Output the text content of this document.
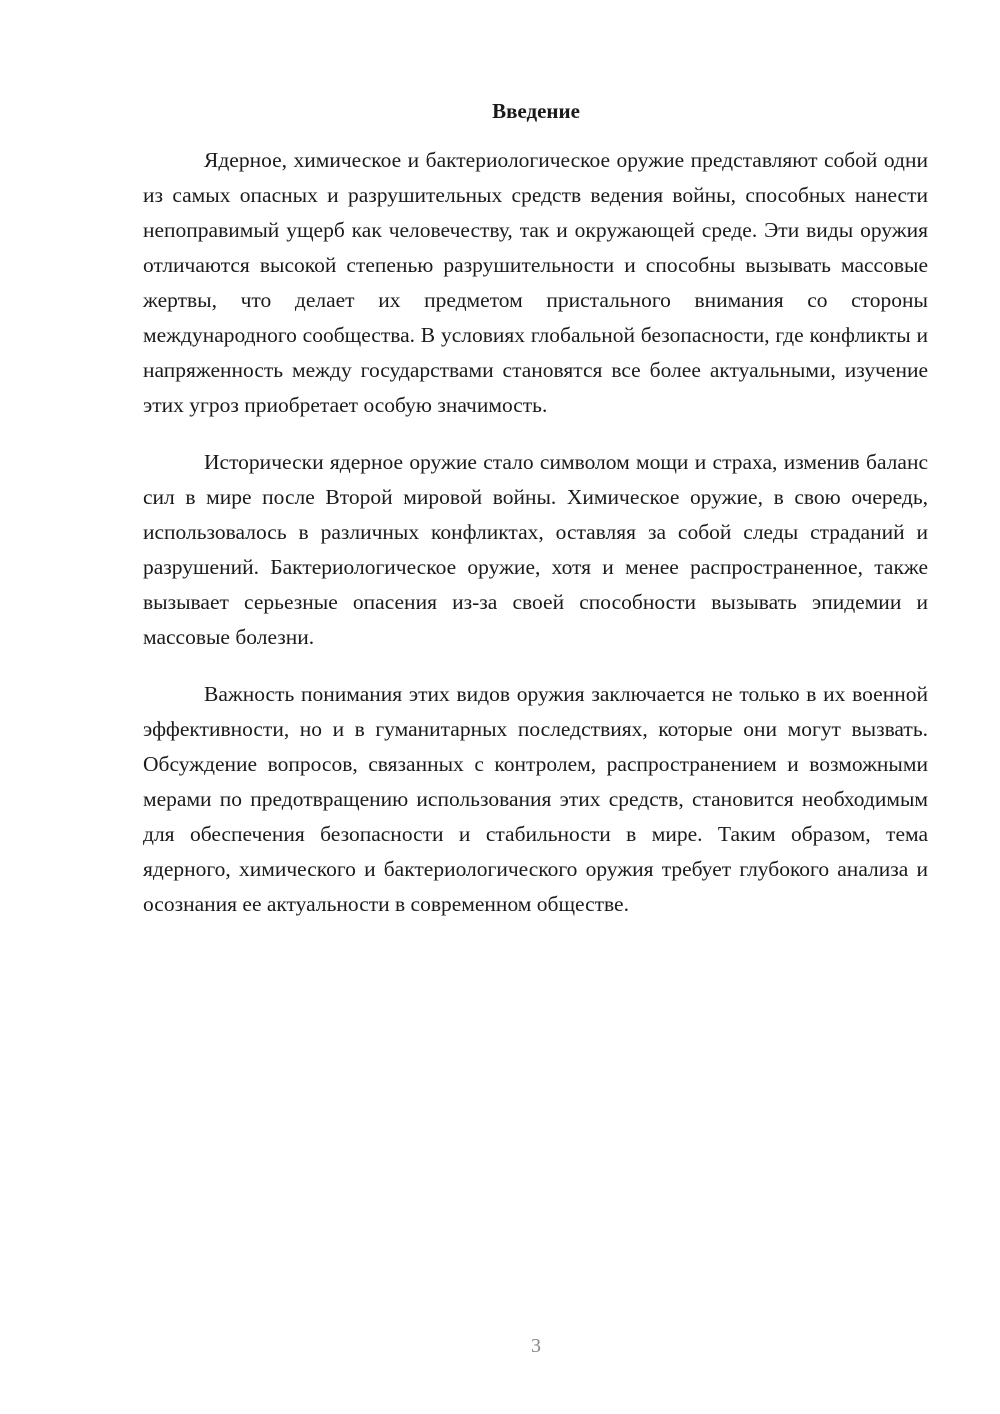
Введение

Ядерное, химическое и бактериологическое оружие представляют собой одни из самых опасных и разрушительных средств ведения войны, способных нанести непоправимый ущерб как человечеству, так и окружающей среде. Эти виды оружия отличаются высокой степенью разрушительности и способны вызывать массовые жертвы, что делает их предметом пристального внимания со стороны международного сообщества. В условиях глобальной безопасности, где конфликты и напряженность между государствами становятся все более актуальными, изучение этих угроз приобретает особую значимость.

Исторически ядерное оружие стало символом мощи и страха, изменив баланс сил в мире после Второй мировой войны. Химическое оружие, в свою очередь, использовалось в различных конфликтах, оставляя за собой следы страданий и разрушений. Бактериологическое оружие, хотя и менее распространенное, также вызывает серьезные опасения из-за своей способности вызывать эпидемии и массовые болезни.

Важность понимания этих видов оружия заключается не только в их военной эффективности, но и в гуманитарных последствиях, которые они могут вызвать. Обсуждение вопросов, связанных с контролем, распространением и возможными мерами по предотвращению использования этих средств, становится необходимым для обеспечения безопасности и стабильности в мире. Таким образом, тема ядерного, химического и бактериологического оружия требует глубокого анализа и осознания ее актуальности в современном обществе.

3
